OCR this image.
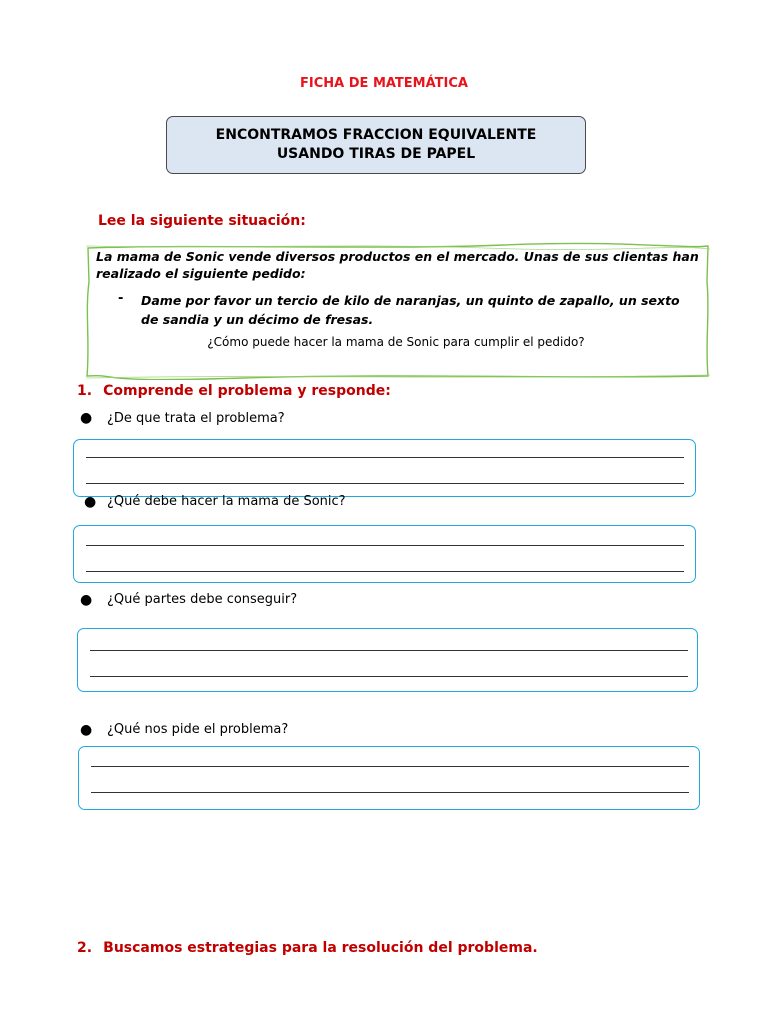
FICHA DE MATEMÁTICA
ENCONTRAMOS FRACCION EQUIVALENTE
USANDO TIRAS DE PAPEL
Lee la siguiente situación:
La mama de Sonic vende diversos productos en el mercado. Unas de sus clientas han realizado el siguiente pedido:
- Dame por favor un tercio de kilo de naranjas, un quinto de zapallo, un sexto de sandia y un décimo de fresas.
¿Cómo puede hacer la mama de Sonic para cumplir el pedido?
1. Comprende el problema y responde:
● ¿De que trata el problema?
● ¿Qué debe hacer la mama de Sonic?
● ¿Qué partes debe conseguir?
● ¿Qué nos pide el problema?
2. Buscamos estrategias para la resolución del problema.
